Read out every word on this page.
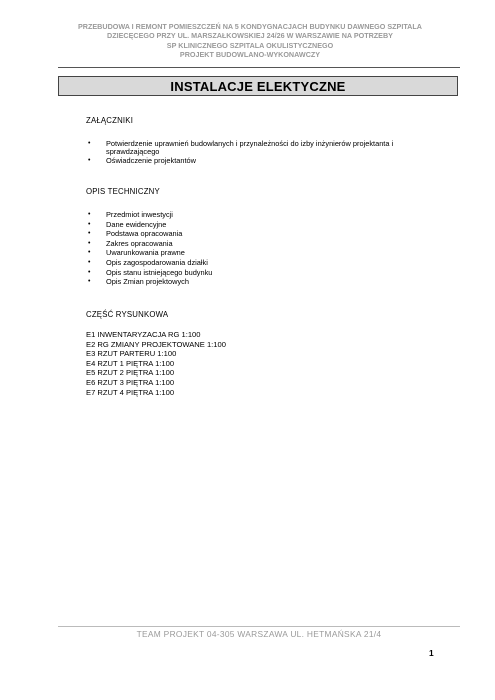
PRZEBUDOWA I REMONT POMIESZCZEŃ NA 5 KONDYGNACJACH BUDYNKU DAWNEGO SZPITALA
DZIECĘCEGO PRZY UL. MARSZAŁKOWSKIEJ 24/26 W WARSZAWIE NA POTRZEBY
SP KLINICZNEGO SZPITALA OKULISTYCZNEGO
PROJEKT BUDOWLANO-WYKONAWCZY
INSTALACJE ELEKTYCZNE
ZAŁĄCZNIKI
• Potwierdzenie uprawnień budowlanych i przynależności do izby inżynierów projektanta i sprawdzającego
• Oświadczenie projektantów
OPIS TECHNICZNY
• Przedmiot inwestycji
• Dane ewidencyjne
• Podstawa opracowania
• Zakres opracowania
• Uwarunkowania prawne
• Opis zagospodarowania działki
• Opis stanu istniejącego budynku
• Opis Zmian projektowych
CZĘŚĆ RYSUNKOWA
E1 INWENTARYZACJA RG 1:100
E2 RG ZMIANY PROJEKTOWANE 1:100
E3 RZUT PARTERU 1:100
E4 RZUT 1 PIĘTRA 1:100
E5 RZUT 2 PIĘTRA 1:100
E6 RZUT 3 PIĘTRA 1:100
E7 RZUT 4 PIĘTRA 1:100
TEAM PROJEKT 04-305 WARSZAWA UL. HETMAŃSKA 21/4
1
